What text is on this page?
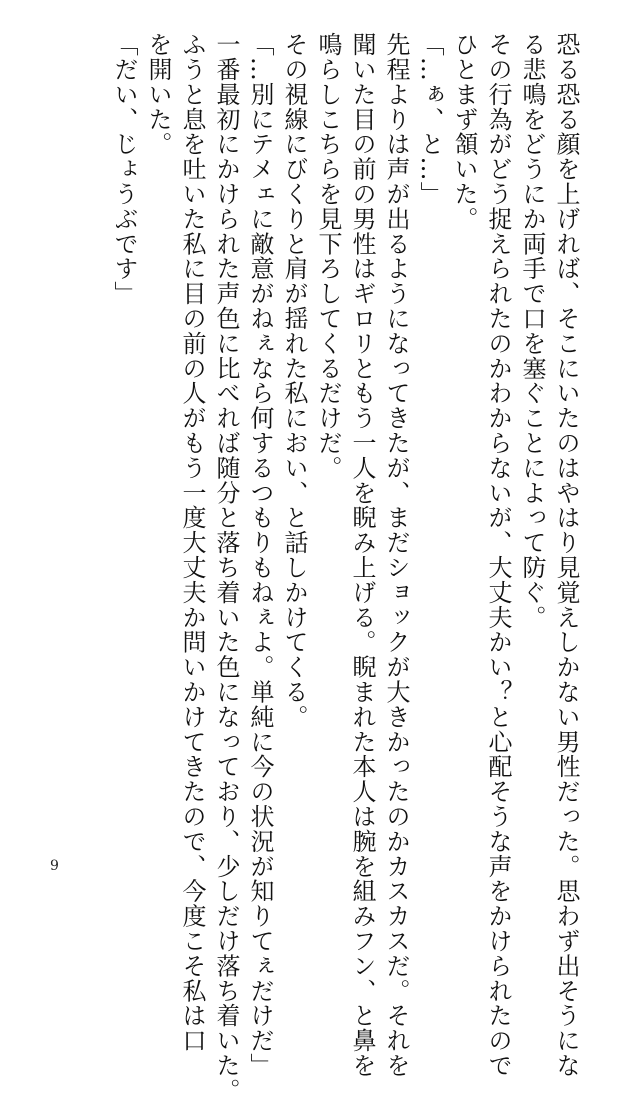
恐る恐る顔を上げれば、そこにいたのはやはり見覚えしかない男性だった。思わず出そうにな

る悲鳴をどうにか両手で口を塞ぐことによって防ぐ。

その行為がどう捉えられたのかわからないが、大丈夫かい？と心配そうな声をかけられたので

ひとまず頷いた。

「…ぁ、と…」

先程よりは声が出るようになってきたが、まだショックが大きかったのかカスカスだ。それを

聞いた目の前の男性はギロリともう一人を睨み上げる。睨まれた本人は腕を組みフン、と鼻を

鳴らしこちらを見下ろしてくるだけだ。

その視線にびくりと肩が揺れた私におい、と話しかけてくる。

「…別にテメェに敵意がねぇなら何するつもりもねぇよ。単純に今の状況が知りてぇだけだ」

一番最初にかけられた声色に比べれば随分と落ち着いた色になっており、少しだけ落ち着いた。

ふうと息を吐いた私に目の前の人がもう一度大丈夫か問いかけてきたので、今度こそ私は口

を開いた。

「だい、じょうぶです」

9
